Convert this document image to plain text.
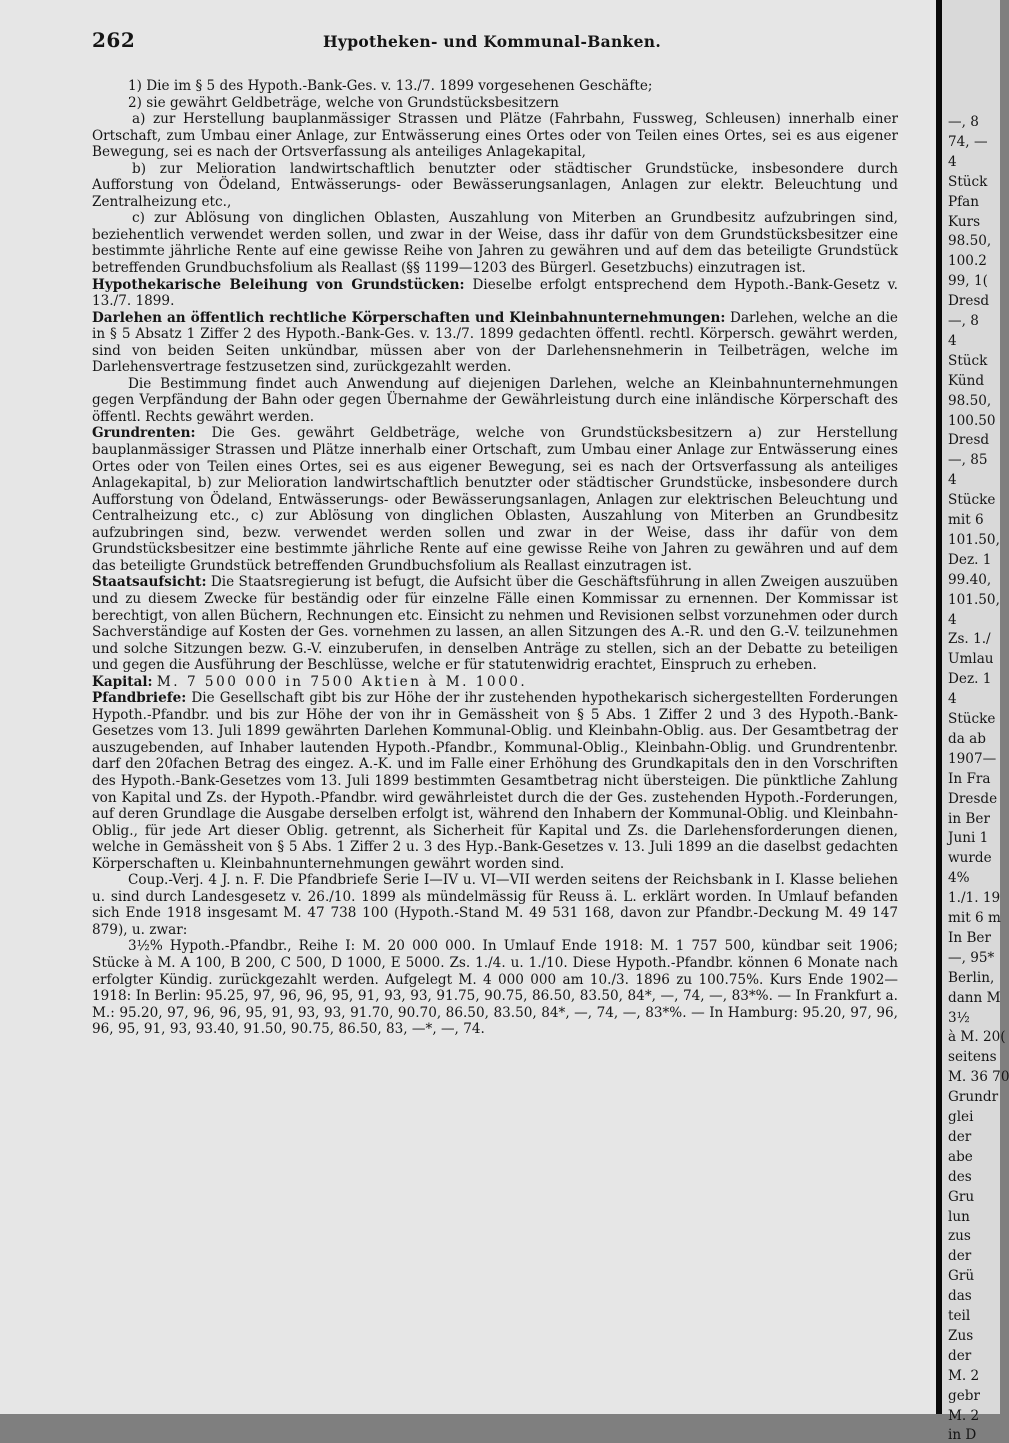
262	Hypotheken- und Kommunal-Banken.

1) Die im § 5 des Hypoth.-Bank-Ges. v. 13./7. 1899 vorgesehenen Geschäfte;

2) sie gewährt Geldbeträge, welche von Grundstücksbesitzern

a) zur Herstellung bauplanmässiger Strassen und Plätze (Fahrbahn, Fussweg, Schleusen) innerhalb einer Ortschaft, zum Umbau einer Anlage, zur Entwässerung eines Ortes oder von Teilen eines Ortes, sei es aus eigener Bewegung, sei es nach der Ortsverfassung als anteiliges Anlagekapital,

b) zur Melioration landwirtschaftlich benutzter oder städtischer Grundstücke, insbesondere durch Aufforstung von Ödeland, Entwässerungs- oder Bewässerungsanlagen, Anlagen zur elektr. Beleuchtung und Zentralheizung etc.,

c) zur Ablösung von dinglichen Oblasten, Auszahlung von Miterben an Grundbesitz aufzubringen sind, beziehentlich verwendet werden sollen, und zwar in der Weise, dass ihr dafür von dem Grundstücksbesitzer eine bestimmte jährliche Rente auf eine gewisse Reihe von Jahren zu gewähren und auf dem das beteiligte Grundstück betreffenden Grundbuchsfolium als Reallast (§§ 1199—1203 des Bürgerl. Gesetzbuchs) einzutragen ist.

Hypothekarische Beleihung von Grundstücken: Dieselbe erfolgt entsprechend dem Hypoth.-Bank-Gesetz v. 13./7. 1899.

Darlehen an öffentlich rechtliche Körperschaften und Kleinbahnunternehmungen: Darlehen, welche an die in § 5 Absatz 1 Ziffer 2 des Hypoth.-Bank-Ges. v. 13./7. 1899 gedachten öffentl. rechtl. Körpersch. gewährt werden, sind von beiden Seiten unkündbar, müssen aber von der Darlehensnehmerin in Teilbeträgen, welche im Darlehensvertrage festzusetzen sind, zurückgezahlt werden.

Die Bestimmung findet auch Anwendung auf diejenigen Darlehen, welche an Kleinbahnunternehmungen gegen Verpfändung der Bahn oder gegen Übernahme der Gewährleistung durch eine inländische Körperschaft des öffentl. Rechts gewährt werden.

Grundrenten: Die Ges. gewährt Geldbeträge, welche von Grundstücksbesitzern a) zur Herstellung bauplanmässiger Strassen und Plätze innerhalb einer Ortschaft, zum Umbau einer Anlage zur Entwässerung eines Ortes oder von Teilen eines Ortes, sei es aus eigener Bewegung, sei es nach der Ortsverfassung als anteiliges Anlagekapital, b) zur Melioration landwirtschaftlich benutzter oder städtischer Grundstücke, insbesondere durch Aufforstung von Ödeland, Entwässerungs- oder Bewässerungsanlagen, Anlagen zur elektrischen Beleuchtung und Centralheizung etc., c) zur Ablösung von dinglichen Oblasten, Auszahlung von Miterben an Grundbesitz aufzubringen sind, bezw. verwendet werden sollen und zwar in der Weise, dass ihr dafür von dem Grundstücksbesitzer eine bestimmte jährliche Rente auf eine gewisse Reihe von Jahren zu gewähren und auf dem das beteiligte Grundstück betreffenden Grundbuchsfolium als Reallast einzutragen ist.

Staatsaufsicht: Die Staatsregierung ist befugt, die Aufsicht über die Geschäftsführung in allen Zweigen auszuüben und zu diesem Zwecke für beständig oder für einzelne Fälle einen Kommissar zu ernennen. Der Kommissar ist berechtigt, von allen Büchern, Rechnungen etc. Einsicht zu nehmen und Revisionen selbst vorzunehmen oder durch Sachverständige auf Kosten der Ges. vornehmen zu lassen, an allen Sitzungen des A.-R. und den G.-V. teilzunehmen und solche Sitzungen bezw. G.-V. einzuberufen, in denselben Anträge zu stellen, sich an der Debatte zu beteiligen und gegen die Ausführung der Beschlüsse, welche er für statutenwidrig erachtet, Einspruch zu erheben.

Kapital: M. 7 500 000 in 7500 Aktien à M. 1000.

Pfandbriefe: Die Gesellschaft gibt bis zur Höhe der ihr zustehenden hypothekarisch sichergestellten Forderungen Hypoth.-Pfandbr. und bis zur Höhe der von ihr in Gemässheit von § 5 Abs. 1 Ziffer 2 und 3 des Hypoth.-Bank-Gesetzes vom 13. Juli 1899 gewährten Darlehen Kommunal-Oblig. und Kleinbahn-Oblig. aus. Der Gesamtbetrag der auszugebenden, auf Inhaber lautenden Hypoth.-Pfandbr., Kommunal-Oblig., Kleinbahn-Oblig. und Grundrentenbr. darf den 20fachen Betrag des eingez. A.-K. und im Falle einer Erhöhung des Grundkapitals den in den Vorschriften des Hypoth.-Bank-Gesetzes vom 13. Juli 1899 bestimmten Gesamtbetrag nicht übersteigen. Die pünktliche Zahlung von Kapital und Zs. der Hypoth.-Pfandbr. wird gewährleistet durch die der Ges. zustehenden Hypoth.-Forderungen, auf deren Grundlage die Ausgabe derselben erfolgt ist, während den Inhabern der Kommunal-Oblig. und Kleinbahn-Oblig., für jede Art dieser Oblig. getrennt, als Sicherheit für Kapital und Zs. die Darlehensforderungen dienen, welche in Gemässheit von § 5 Abs. 1 Ziffer 2 u. 3 des Hyp.-Bank-Gesetzes v. 13. Juli 1899 an die daselbst gedachten Körperschaften u. Kleinbahnunternehmungen gewährt worden sind.

Coup.-Verj. 4 J. n. F. Die Pfandbriefe Serie I—IV u. VI—VII werden seitens der Reichsbank in I. Klasse beliehen u. sind durch Landesgesetz v. 26./10. 1899 als mündelmässig für Reuss ä. L. erklärt worden. In Umlauf befanden sich Ende 1918 insgesamt M. 47 738 100 (Hypoth.-Stand M. 49 531 168, davon zur Pfandbr.-Deckung M. 49 147 879), u. zwar:

3½% Hypoth.-Pfandbr., Reihe I: M. 20 000 000. In Umlauf Ende 1918: M. 1 757 500, kündbar seit 1906; Stücke à M. A 100, B 200, C 500, D 1000, E 5000. Zs. 1./4. u. 1./10. Diese Hypoth.-Pfandbr. können 6 Monate nach erfolgter Kündig. zurückgezahlt werden. Aufgelegt M. 4 000 000 am 10./3. 1896 zu 100.75%. Kurs Ende 1902—1918: In Berlin: 95.25, 97, 96, 96, 95, 91, 93, 93, 91.75, 90.75, 86.50, 83.50, 84*, —, 74, —, 83*%. — In Frankfurt a. M.: 95.20, 97, 96, 96, 95, 91, 93, 93, 91.70, 90.70, 86.50, 83.50, 84*, —, 74, —, 83*%. — In Hamburg: 95.20, 97, 96, 96, 95, 91, 93, 93.40, 91.50, 90.75, 86.50, 83, —*, —, 74.

—, 8
74, —
4
Stück
Pfan
Kurs
98.50,
100.2
99, 1(
Dresd
—, 8
4
Stück
Künd
98.50,
100.50
Dresd
—, 85
4
Stücke
mit 6
101.50,
Dez. 1
99.40,
101.50,
4
Zs. 1./
Umlau
Dez. 1
4
Stücke
da ab
1907—
In Fra
Dresde
in Ber
Juni 1
wurde
4%
1./1. 19
mit 6 m
In Ber
—, 95*
Berlin,
dann M
3½
à M. 20(
seitens
M. 36 70
Grundr
glei
der
abe
des
Gru
lun
zus
der
Grü
das
teil
Zus
der
M. 2
gebr
M. 2
in D
